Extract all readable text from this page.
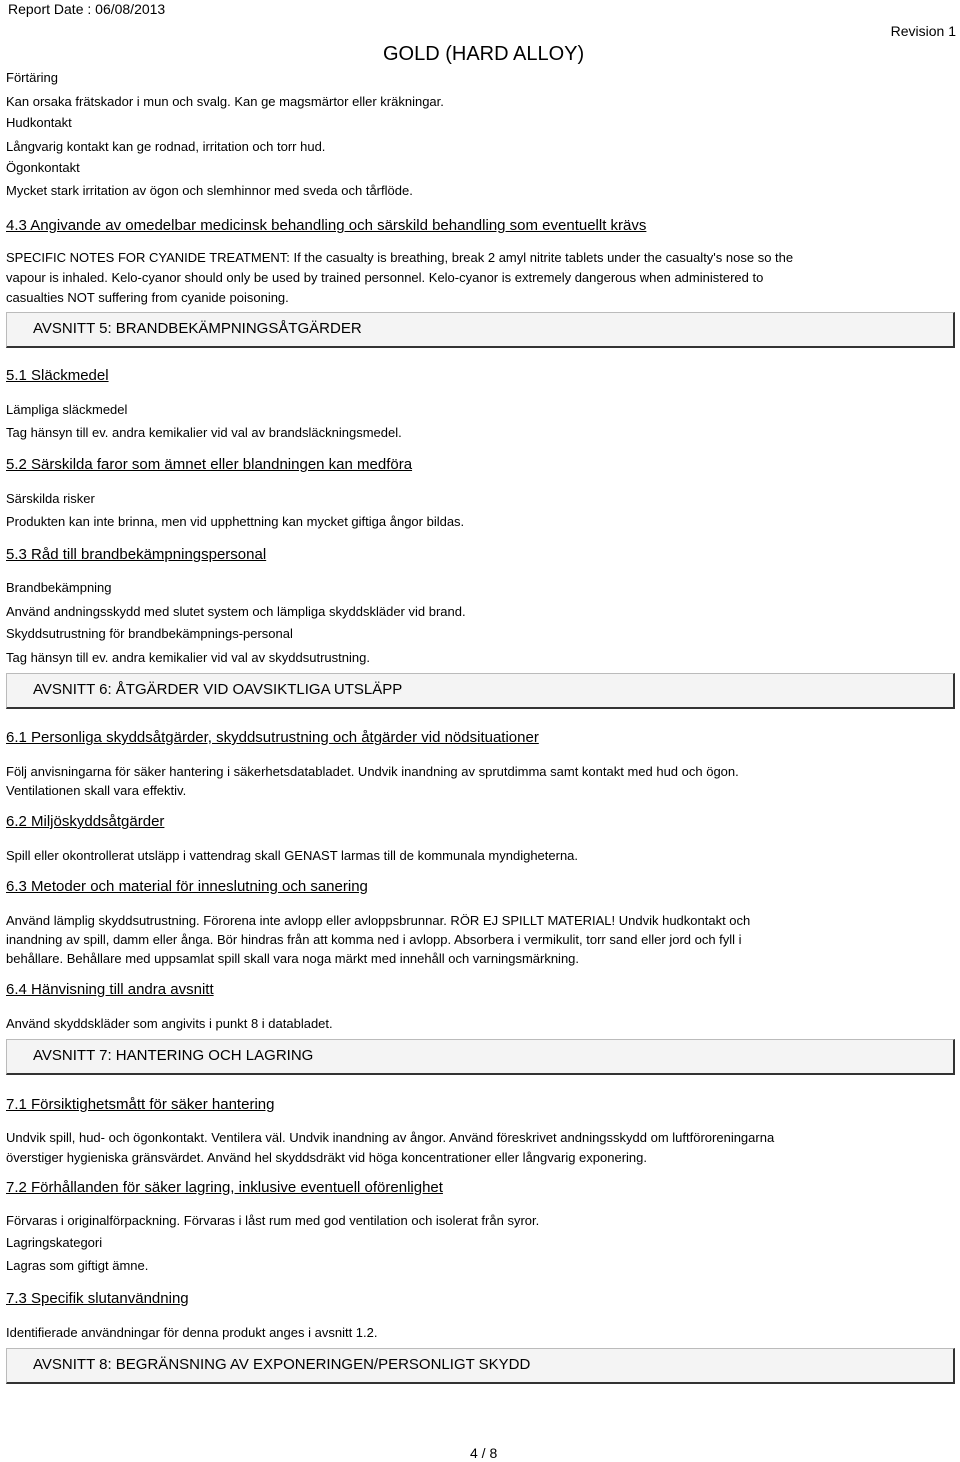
Report Date : 06/08/2013
GOLD (HARD ALLOY)
Revision 1
Förtäring
Kan orsaka frätskador i mun och svalg. Kan ge magsmärtor eller kräkningar.
Hudkontakt
Långvarig kontakt kan ge rodnad, irritation och torr hud.
Ögonkontakt
Mycket stark irritation av ögon och slemhinnor med sveda och tårflöde.
4.3 Angivande av omedelbar medicinsk behandling och särskild behandling som eventuellt krävs
SPECIFIC NOTES FOR CYANIDE TREATMENT: If the casualty is breathing, break 2 amyl nitrite tablets under the casualty's nose so the
vapour is inhaled. Kelo-cyanor should only be used by trained personnel. Kelo-cyanor is extremely dangerous when administered to
casualties NOT suffering from cyanide poisoning.
AVSNITT 5: BRANDBEKÄMPNINGSÅTGÄRDER
5.1 Släckmedel
Lämpliga släckmedel
Tag hänsyn till ev. andra kemikalier vid val av brandsläckningsmedel.
5.2 Särskilda faror som ämnet eller blandningen kan medföra
Särskilda risker
Produkten kan inte brinna, men vid upphettning kan mycket giftiga ångor bildas.
5.3 Råd till brandbekämpningspersonal
Brandbekämpning
Använd andningsskydd med slutet system och lämpliga skyddskläder vid brand.
Skyddsutrustning för brandbekämpnings-personal
Tag hänsyn till ev. andra kemikalier vid val av skyddsutrustning.
AVSNITT 6: ÅTGÄRDER VID OAVSIKTLIGA UTSLÄPP
6.1 Personliga skyddsåtgärder, skyddsutrustning och åtgärder vid nödsituationer
Följ anvisningarna för säker hantering i säkerhetsdatabladet. Undvik inandning av sprutdimma samt kontakt med hud och ögon.
Ventilationen skall vara effektiv.
6.2 Miljöskyddsåtgärder
Spill eller okontrollerat utsläpp i vattendrag skall GENAST larmas till de kommunala myndigheterna.
6.3 Metoder och material för inneslutning och sanering
Använd lämplig skyddsutrustning. Förorena inte avlopp eller avloppsbrunnar. RÖR EJ SPILLT MATERIAL! Undvik hudkontakt och
inandning av spill, damm eller ånga. Bör hindras från att komma ned i avlopp. Absorbera i vermikulit, torr sand eller jord och fyll i
behållare. Behållare med uppsamlat spill skall vara noga märkt med innehåll och varningsmärkning.
6.4 Hänvisning till andra avsnitt
Använd skyddskläder som angivits i punkt 8 i databladet.
AVSNITT 7: HANTERING OCH LAGRING
7.1 Försiktighetsmått för säker hantering
Undvik spill, hud- och ögonkontakt. Ventilera väl. Undvik inandning av ångor. Använd föreskrivet andningsskydd om luftföroreningarna
överstiger hygieniska gränsvärdet. Använd hel skyddsdräkt vid höga koncentrationer eller långvarig exponering.
7.2 Förhållanden för säker lagring, inklusive eventuell oförenlighet
Förvaras i originalförpackning. Förvaras i låst rum med god ventilation och isolerat från syror.
Lagringskategori
Lagras som giftigt ämne.
7.3 Specifik slutanvändning
Identifierade användningar för denna produkt anges i avsnitt 1.2.
AVSNITT 8: BEGRÄNSNING AV EXPONERINGEN/PERSONLIGT SKYDD
4 / 8
